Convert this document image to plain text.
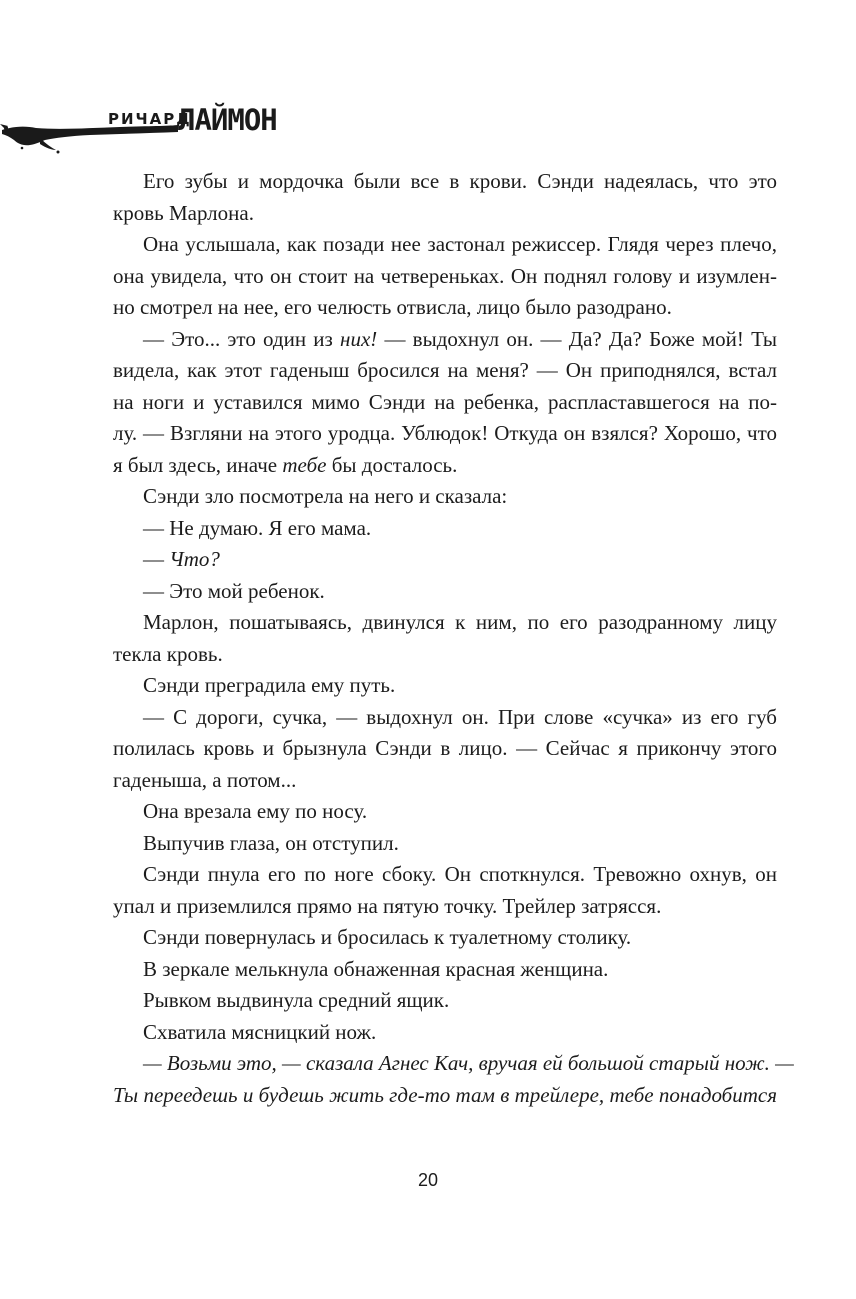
РИЧАРД
ЛАЙМОН
Его зубы и мордочка были все в крови. Сэнди надеялась, что это
кровь Марлона.
Она услышала, как позади нее застонал режиссер. Глядя через плечо,
она увидела, что он стоит на четвереньках. Он поднял голову и изумлен-
но смотрел на нее, его челюсть отвисла, лицо было разодрано.
— Это... это один из них! — выдохнул он. — Да? Да? Боже мой! Ты
видела, как этот гаденыш бросился на меня? — Он приподнялся, встал
на ноги и уставился мимо Сэнди на ребенка, распластавшегося на по-
лу. — Взгляни на этого уродца. Ублюдок! Откуда он взялся? Хорошо, что
я был здесь, иначе тебе бы досталось.
Сэнди зло посмотрела на него и сказала:
— Не думаю. Я его мама.
— Что?
— Это мой ребенок.
Марлон, пошатываясь, двинулся к ним, по его разодранному лицу
текла кровь.
Сэнди преградила ему путь.
— С дороги, сучка, — выдохнул он. При слове «сучка» из его губ
полилась кровь и брызнула Сэнди в лицо. — Сейчас я прикончу этого
гаденыша, а потом...
Она врезала ему по носу.
Выпучив глаза, он отступил.
Сэнди пнула его по ноге сбоку. Он споткнулся. Тревожно охнув, он
упал и приземлился прямо на пятую точку. Трейлер затрясся.
Сэнди повернулась и бросилась к туалетному столику.
В зеркале мелькнула обнаженная красная женщина.
Рывком выдвинула средний ящик.
Схватила мясницкий нож.
— Возьми это, — сказала Агнес Кач, вручая ей большой старый нож. —
Ты переедешь и будешь жить где-то там в трейлере, тебе понадобится
20
